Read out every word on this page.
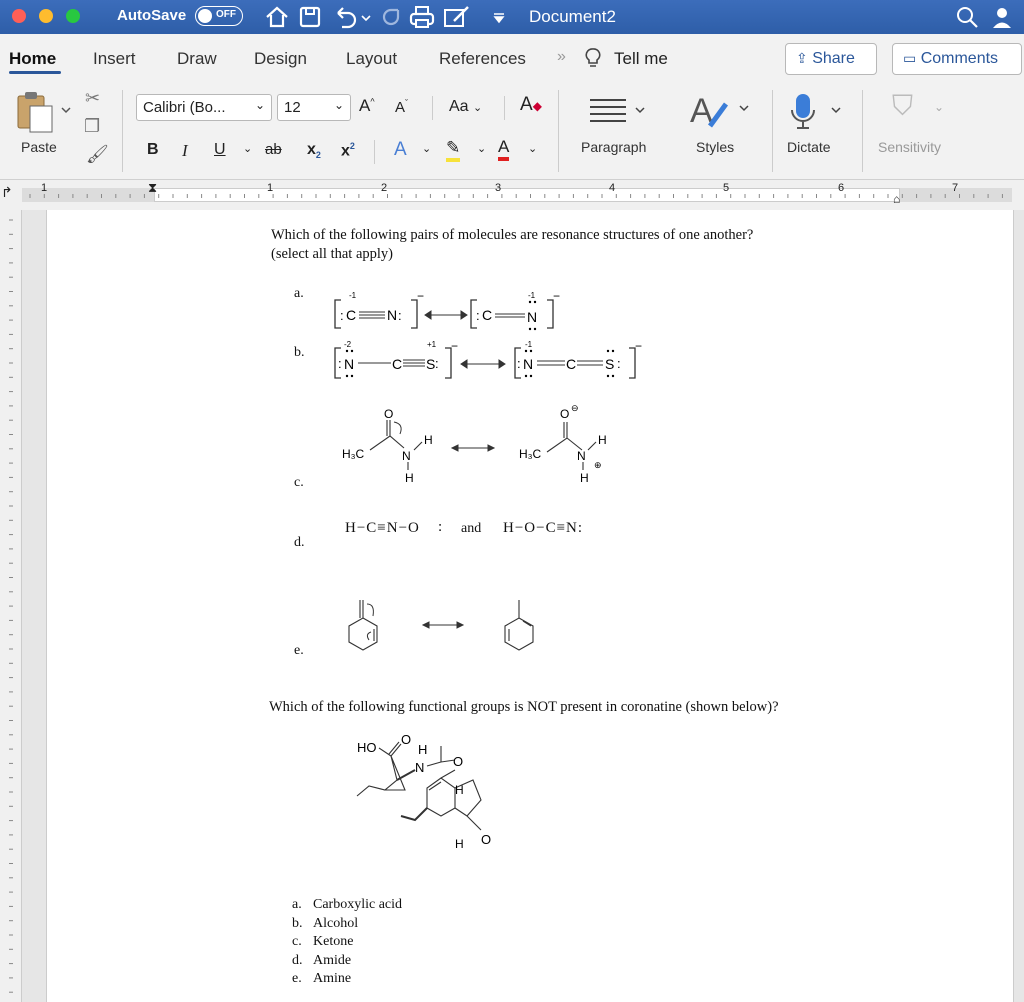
AutoSave	OFF	Document2
Home Insert Draw Design Layout References »	Tell me	⇪ Share	▭ Comments
Paste
✂
❐
🖌
Calibri (Bo... ⌄	12	⌄ A^ $A^ˇ$	Aa ⌄ A◆
B I U ⌄ ab $x_2$ $x^2$ A ⌄ ✎ ⌄ A ⌄	Paragraph
A
Styles	Dictate
⛉ ⌄
Sensitivity
↱	1	1	2	3	4	5	6	7
⧗
⌂
Which of the following pairs of molecules are resonance structures of one another?
(select all that apply)
a.
b.
c.
d.
e.
: C
-1
N :
−
: C N
-1 −
: N
-2
C S :
+1 −
: N
-1
C S :
−
H₃C
O
N
H
H
H₃C
O ⊖
N
⊕
H
H
H−C≡N−O : and H−O−C≡N:
Which of the following functional groups is NOT present in coronatine (shown below)?
HO
O
H
N O
H
H O
a. Carboxylic acid
b. Alcohol
c. Ketone
d. Amide
e. Amine
